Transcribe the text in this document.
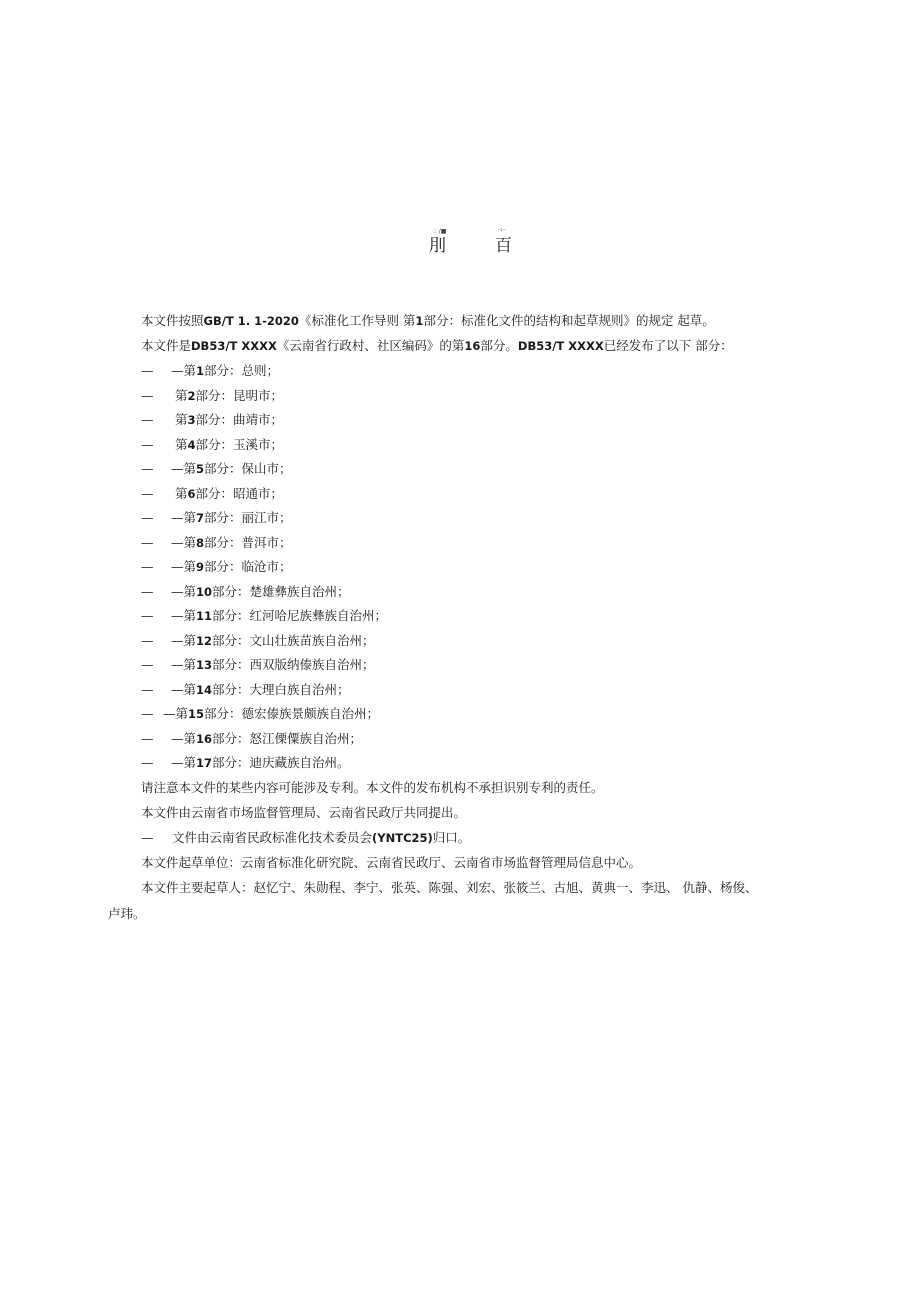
∴ ∕■	⁻¹⁻
刖	百
本文件按照GB/T 1. 1-2020《标准化工作导则 第1部分：标准化文件的结构和起草规则》的规定 起草。
本文件是DB53/T XXXX《云南省行政村、社区编码》的第16部分。DB53/T XXXX已经发布了以下 部分：
— —第1部分：总则；
— 第2部分：昆明市；
— 第3部分：曲靖市；
— 第4部分：玉溪市；
— —第5部分：保山市；
— 第6部分：昭通市；
— —第7部分：丽江市；
— —第8部分：普洱市；
— —第9部分：临沧市；
— —第10部分：楚雄彝族自治州；
— —第11部分：红河哈尼族彝族自治州；
— —第12部分：文山壮族苗族自治州；
— —第13部分：西双版纳傣族自治州；
— —第14部分：大理白族自治州；
— —第15部分：德宏傣族景颇族自治州；
— —第16部分：怒江傈僳族自治州；
— —第17部分：迪庆藏族自治州。
请注意本文件的某些内容可能涉及专利。本文件的发布机构不承担识别专利的责任。
本文件由云南省市场监督管理局、云南省民政厅共同提出。
— 文件由云南省民政标准化技术委员会(YNTC25)归口。
本文件起草单位：云南省标准化研究院、云南省民政厅、云南省市场监督管理局信息中心。
本文件主要起草人：赵忆宁、朱勋程、李宁、张英、陈强、刘宏、张筱兰、古旭、黄典一、李迅、 仇静、杨俊、
卢玮。
